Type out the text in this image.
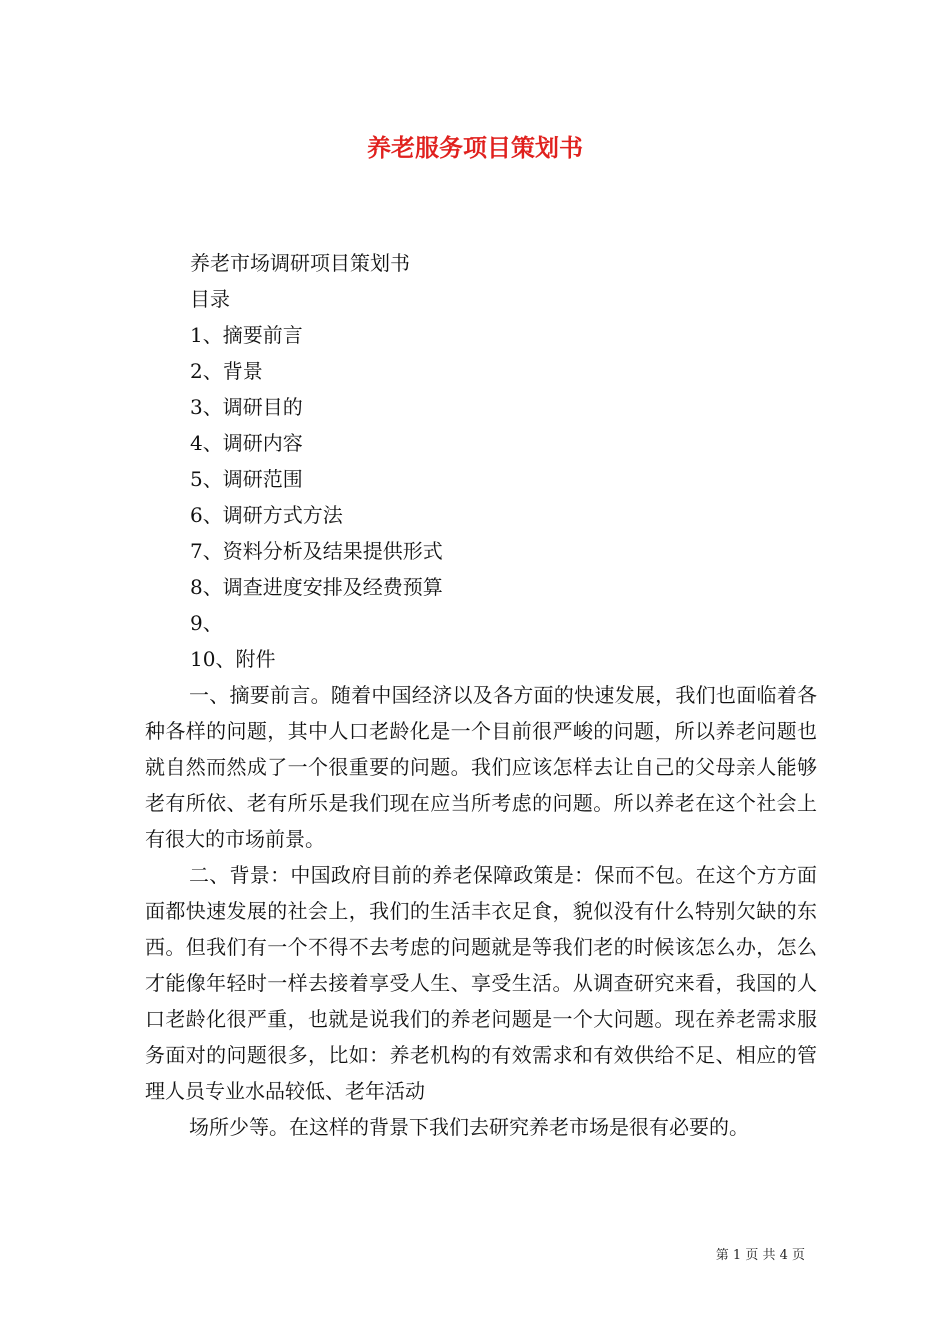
养老服务项目策划书
养老市场调研项目策划书
目录
1、摘要前言
2、背景
3、调研目的
4、调研内容
5、调研范围
6、调研方式方法
7、资料分析及结果提供形式
8、调查进度安排及经费预算
9、
10、附件

一、摘要前言。随着中国经济以及各方面的快速发展，我们也面临着各种各样的问题，其中人口老龄化是一个目前很严峻的问题，所以养老问题也就自然而然成了一个很重要的问题。我们应该怎样去让自己的父母亲人能够老有所依、老有所乐是我们现在应当所考虑的问题。所以养老在这个社会上有很大的市场前景。

二、背景：中国政府目前的养老保障政策是：保而不包。在这个方方面面都快速发展的社会上，我们的生活丰衣足食，貌似没有什么特别欠缺的东西。但我们有一个不得不去考虑的问题就是等我们老的时候该怎么办，怎么才能像年轻时一样去接着享受人生、享受生活。从调查研究来看，我国的人口老龄化很严重，也就是说我们的养老问题是一个大问题。现在养老需求服务面对的问题很多，比如：养老机构的有效需求和有效供给不足、相应的管理人员专业水品较低、老年活动

场所少等。在这样的背景下我们去研究养老市场是很有必要的。

第 1 页 共 4 页
